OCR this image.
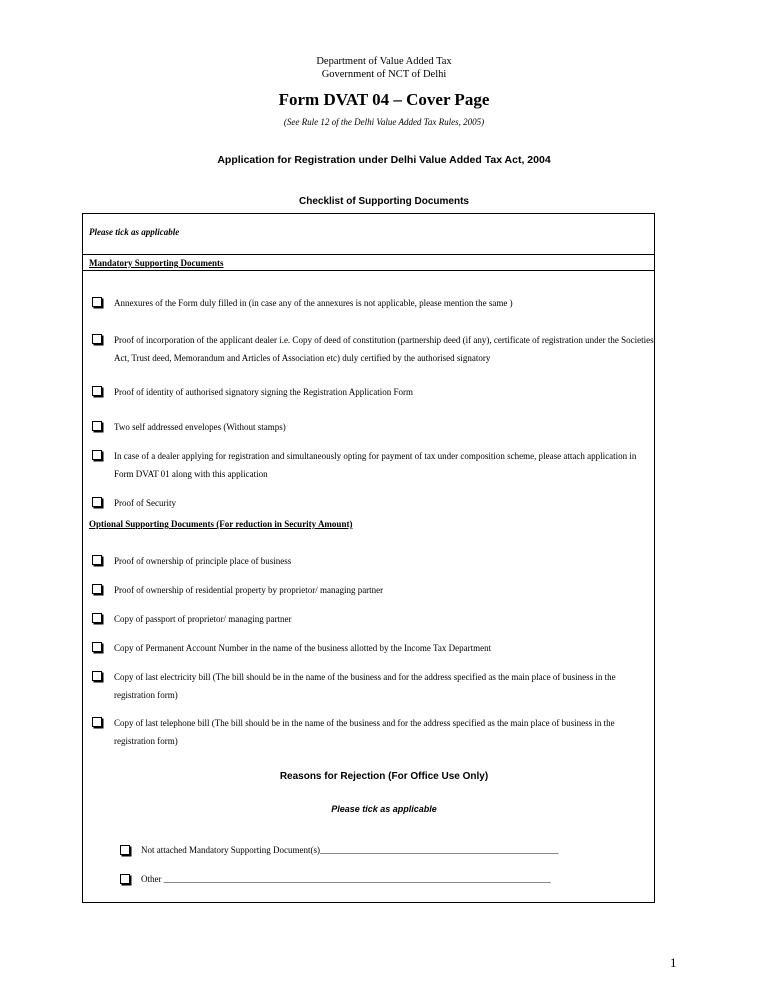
Department of Value Added Tax
Government of NCT of Delhi
Form DVAT 04 – Cover Page
(See Rule 12 of the Delhi Value Added Tax Rules, 2005)
Application for Registration under Delhi Value Added Tax Act, 2004
Checklist of Supporting Documents
Please tick as applicable
Mandatory Supporting Documents
Annexures of the Form duly filled in (in case any of the annexures is not applicable, please mention the same )
Proof of incorporation of the applicant dealer i.e. Copy of deed of constitution (partnership deed (if any), certificate of registration under the Societies Act, Trust deed, Memorandum and Articles of Association etc) duly certified by the authorised signatory
Proof of identity of authorised signatory signing the Registration Application Form
Two self addressed envelopes (Without stamps)
In case of a dealer applying for registration and simultaneously opting for payment of tax under composition scheme, please attach application in Form DVAT 01 along with this application
Proof of Security
Optional Supporting Documents (For reduction in Security Amount)
Proof of ownership of principle place of business
Proof of ownership of residential property by proprietor/ managing partner
Copy of passport of proprietor/ managing partner
Copy of Permanent Account Number in the name of the business allotted by the Income Tax Department
Copy of last electricity bill (The bill should be in the name of the business and for the address specified as the main place of business in the registration form)
Copy of last telephone bill (The bill should be in the name of the business and for the address specified as the main place of business in the registration form)
Reasons for Rejection (For Office Use Only)
Please tick as applicable
Not attached Mandatory Supporting Document(s)_____________________________________________________
Other ______________________________________________________________________________________
1
